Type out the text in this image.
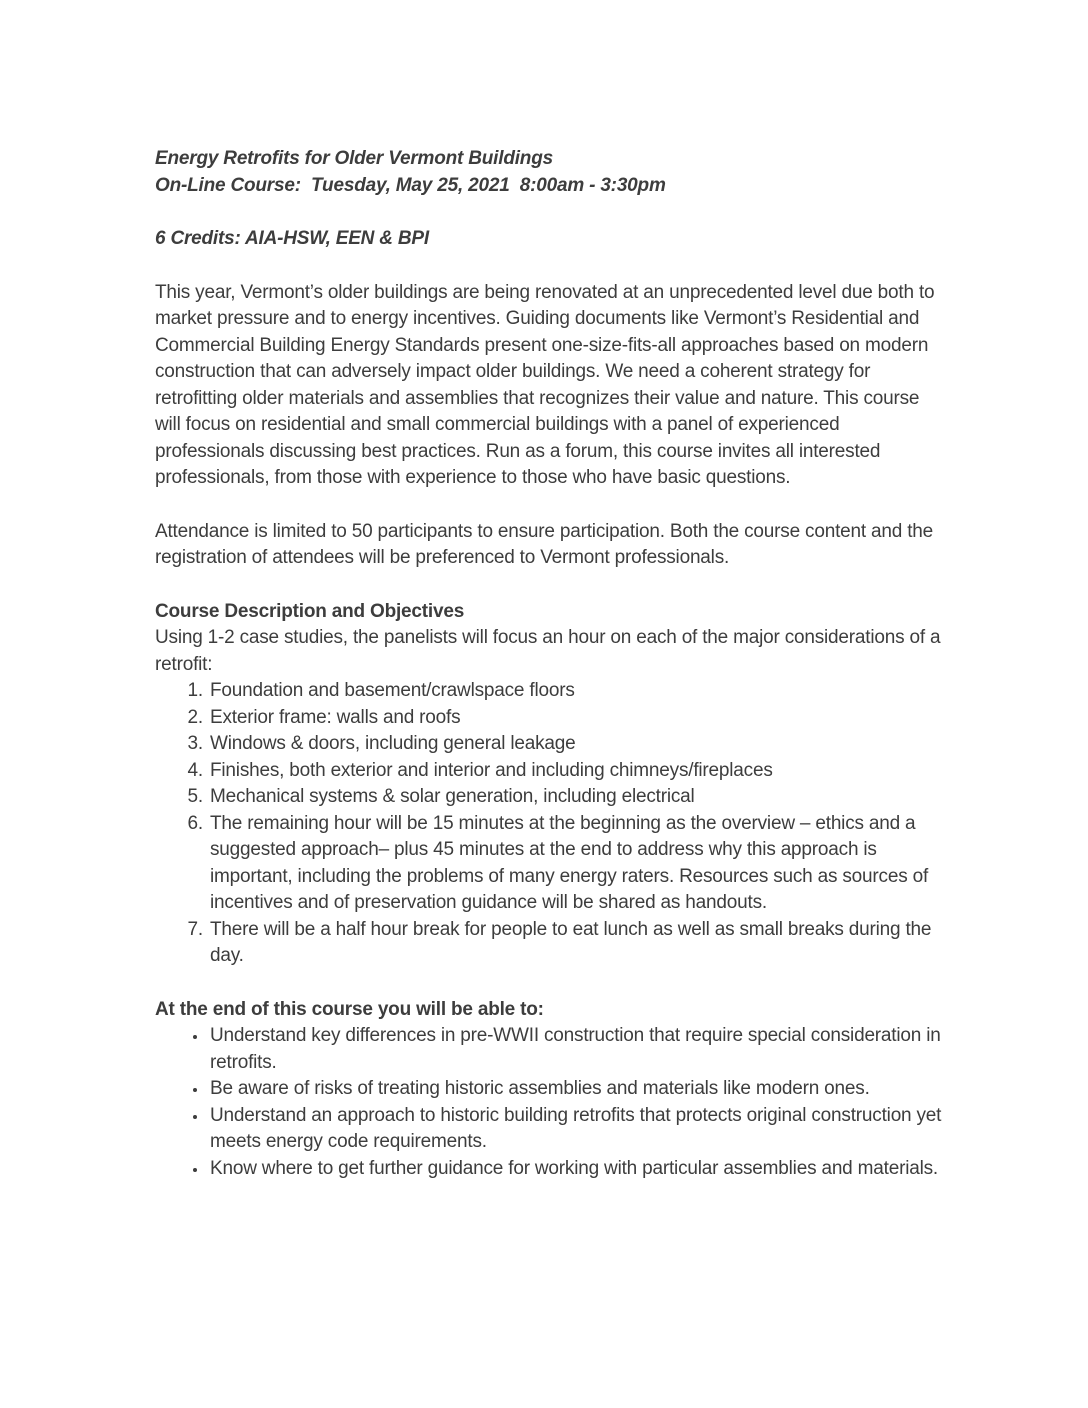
Energy Retrofits for Older Vermont Buildings
On-Line Course:  Tuesday, May 25, 2021  8:00am - 3:30pm
6 Credits: AIA-HSW, EEN & BPI

This year, Vermont’s older buildings are being renovated at an unprecedented level due both to market pressure and to energy incentives. Guiding documents like Vermont’s Residential and Commercial Building Energy Standards present one-size-fits-all approaches based on modern construction that can adversely impact older buildings. We need a coherent strategy for retrofitting older materials and assemblies that recognizes their value and nature. This course will focus on residential and small commercial buildings with a panel of experienced professionals discussing best practices. Run as a forum, this course invites all interested professionals, from those with experience to those who have basic questions.

Attendance is limited to 50 participants to ensure participation. Both the course content and the registration of attendees will be preferenced to Vermont professionals.

Course Description and Objectives
Using 1-2 case studies, the panelists will focus an hour on each of the major considerations of a retrofit:
1. Foundation and basement/crawlspace floors
2. Exterior frame: walls and roofs
3. Windows & doors, including general leakage
4. Finishes, both exterior and interior and including chimneys/fireplaces
5. Mechanical systems & solar generation, including electrical
6. The remaining hour will be 15 minutes at the beginning as the overview – ethics and a suggested approach– plus 45 minutes at the end to address why this approach is important, including the problems of many energy raters. Resources such as sources of incentives and of preservation guidance will be shared as handouts.
7. There will be a half hour break for people to eat lunch as well as small breaks during the day.
At the end of this course you will be able to:
• Understand key differences in pre-WWII construction that require special consideration in retrofits.
• Be aware of risks of treating historic assemblies and materials like modern ones.
• Understand an approach to historic building retrofits that protects original construction yet meets energy code requirements.
• Know where to get further guidance for working with particular assemblies and materials.
